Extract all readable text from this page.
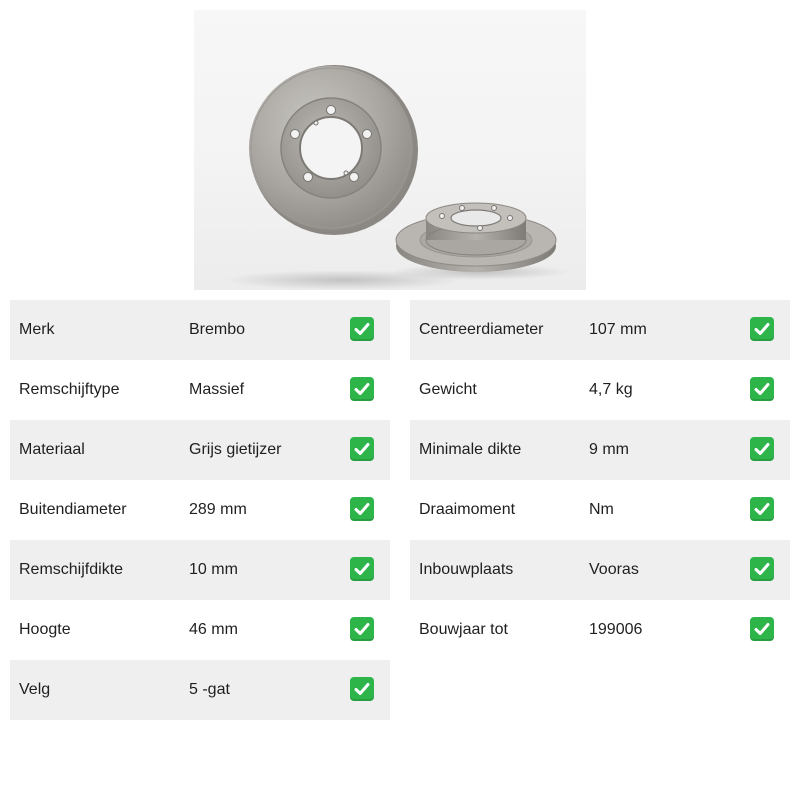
Merk	Brembo
Remschijftype	Massief
Materiaal	Grijs gietijzer
Buitendiameter	289 mm
Remschijfdikte	10 mm
Hoogte	46 mm
Velg	5 -gat
Centreerdiameter	107 mm
Gewicht	4,7 kg
Minimale dikte	9 mm
Draaimoment	Nm
Inbouwplaats	Vooras
Bouwjaar tot	199006
